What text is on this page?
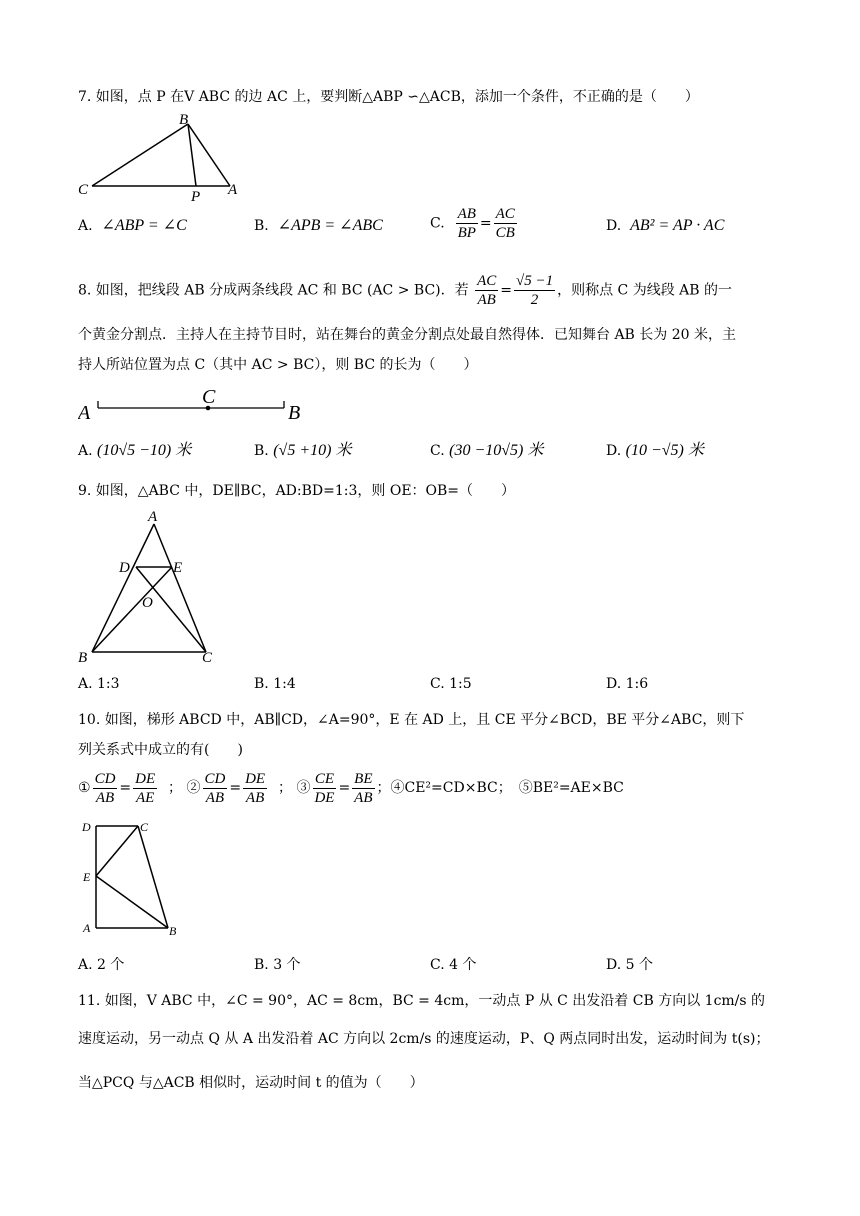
7. 如图，点 P 在V ABC 的边 AC 上，要判断△ABP ∽△ACB，添加一个条件，不正确的是（　　）
B
C	P A
A. ∠ABP = ∠C	B. ∠APB = ∠ABC	C. $\frac{AB}{BP} = \frac{AC}{CB}$	D. AB² = AP · AC
8. 如图，把线段 AB 分成两条线段 AC 和 BC (AC > BC)．若 $\frac{AC}{AB} = \frac{√5 -1}{2}$ ，则称点 C 为线段 AB 的一
个黄金分割点．主持人在主持节目时，站在舞台的黄金分割点处最自然得体．已知舞台 AB 长为 20 米，主
持人所站位置为点 C（其中 AC > BC），则 BC 的长为（　　）
A
C
B
A. (10√5 −10) 米	B. (√5 +10) 米	C. (30 −10√5) 米	D. (10 −√5) 米
9. 如图，△ABC 中，DE∥BC，AD:BD=1:3，则 OE：OB=（　　）
A
D	E
O
B	C
A. 1:3	B. 1:4	C. 1:5	D. 1:6
10. 如图，梯形 ABCD 中，AB∥CD，∠A=90°，E 在 AD 上，且 CE 平分∠BCD，BE 平分∠ABC，则下
列关系式中成立的有(　　)
① $\frac{CD}{AB} = \frac{DE}{AE}$ ； ② $\frac{CD}{AB} = \frac{DE}{AB}$ ； ③ $\frac{CE}{DE} = \frac{BE}{AB}$ ；④CE²=CD×BC；　⑤BE²=AE×BC
D	C
E
A	B
A. 2 个	B. 3 个	C. 4 个	D. 5 个
11. 如图，V ABC 中，∠C = 90°，AC = 8cm，BC = 4cm，一动点 P 从 C 出发沿着 CB 方向以 1cm/s 的
速度运动，另一动点 Q 从 A 出发沿着 AC 方向以 2cm/s 的速度运动，P、Q 两点同时出发，运动时间为 t(s)；
当△PCQ 与△ACB 相似时，运动时间 t 的值为（　　）
